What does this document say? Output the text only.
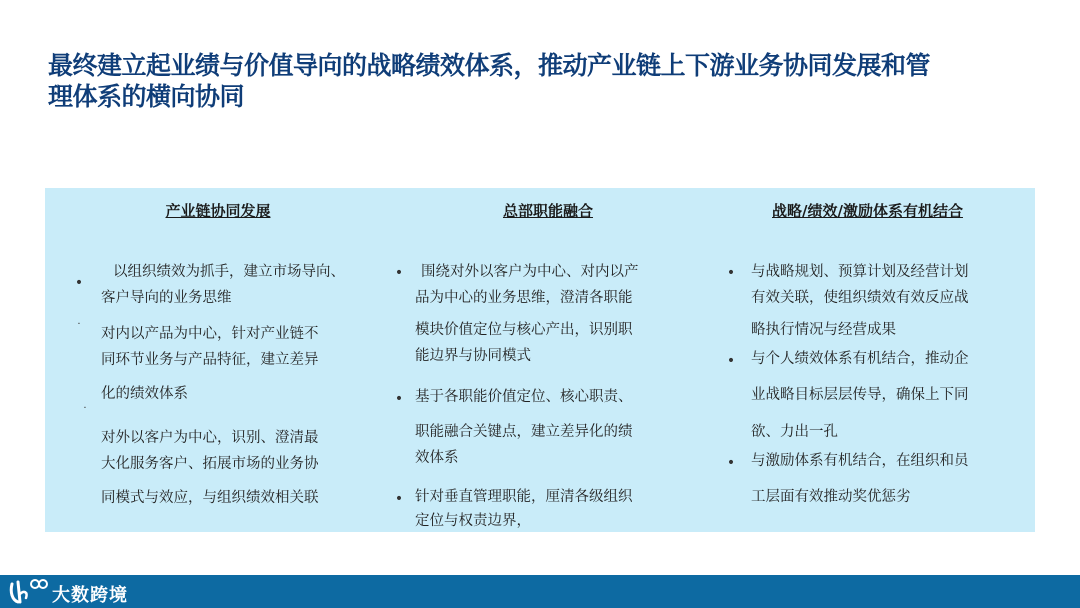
最终建立起业绩与价值导向的战略绩效体系，推动产业链上下游业务协同发展和管
理体系的横向协同
产业链协同发展
•
以组织绩效为抓手，建立市场导向、
客户导向的业务思维
·
对内以产品为中心，针对产业链不
同环节业务与产品特征，建立差异
化的绩效体系
·
对外以客户为中心，识别、澄清最
大化服务客户、拓展市场的业务协
同模式与效应，与组织绩效相关联
总部职能融合
• 围绕对外以客户为中心、对内以产
品为中心的业务思维，澄清各职能
模块价值定位与核心产出，识别职
能边界与协同模式
• 基于各职能价值定位、核心职责、
职能融合关键点，建立差异化的绩
效体系
• 针对垂直管理职能，厘清各级组织
定位与权责边界，
战略/绩效/激励体系有机结合
• 与战略规划、预算计划及经营计划
有效关联，使组织绩效有效反应战
略执行情况与经营成果
• 与个人绩效体系有机结合，推动企
业战略目标层层传导，确保上下同
欲、力出一孔
• 与激励体系有机结合，在组织和员
工层面有效推动奖优惩劣
大数跨境
